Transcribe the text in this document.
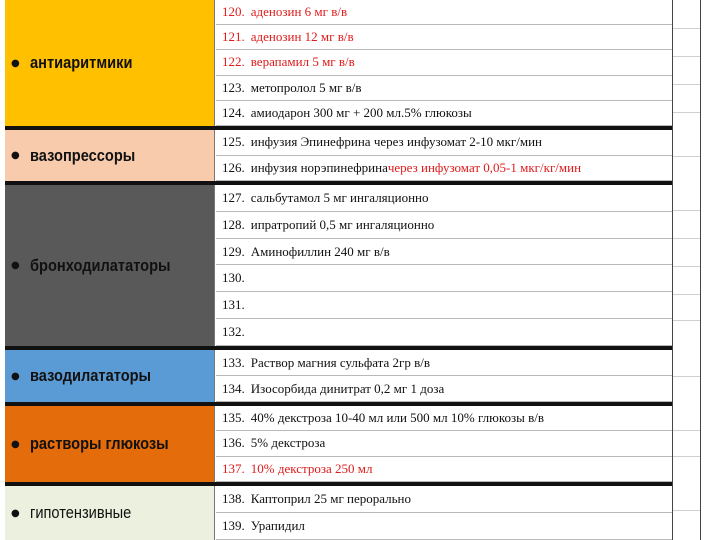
● антиаритмики
120. аденозин 6 мг в/в
121. аденозин 12 мг в/в
122. верапамил 5 мг в/в
123. метопролол 5 мг в/в
124. амиодарон 300 мг + 200 мл.5% глюкозы
● вазопрессоры
125. инфузия Эпинефрина через инфузомат 2-10 мкг/мин
126. инфузия норэпинефрина через инфузомат 0,05-1 мкг/кг/мин
● бронходилататоры
127. сальбутамол 5 мг ингаляционно
128. ипратропий 0,5 мг ингаляционно
129. Аминофиллин 240 мг в/в
130.
131.
132.
● вазодилататоры
133. Раствор магния сульфата 2гр в/в
134. Изосорбида динитрат 0,2 мг 1 доза
● растворы глюкозы
135. 40% декстроза 10-40 мл или 500 мл 10% глюкозы в/в
136. 5% декстроза
137. 10% декстроза 250 мл
● гипотензивные
138. Каптоприл 25 мг перорально
139. Урапидил
